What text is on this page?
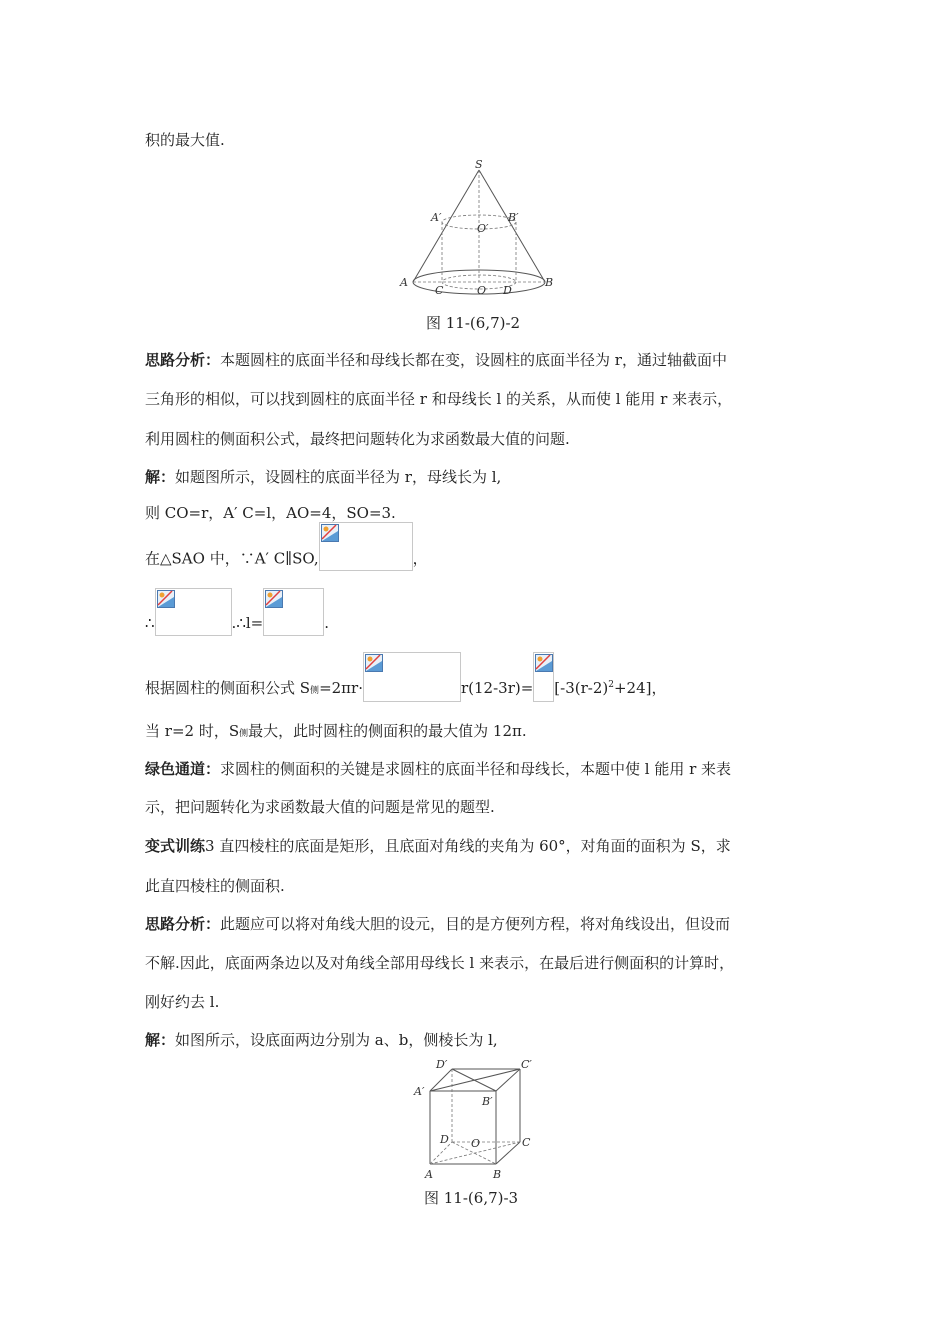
积的最大值.
S
A′	B′
O′
A
C	O D
B
图 11-(6,7)-2
思路分析：本题圆柱的底面半径和母线长都在变，设圆柱的底面半径为 r，通过轴截面中
三角形的相似，可以找到圆柱的底面半径 r 和母线长 l 的关系，从而使 l 能用 r 来表示，
利用圆柱的侧面积公式，最终把问题转化为求函数最大值的问题.
解：如题图所示，设圆柱的底面半径为 r，母线长为 l,
则 CO=r，A′ C=l，AO=4，SO=3.
在△SAO 中，∵A′ C∥SO,	，
∴	.∴l=	.
根据圆柱的侧面积公式 S侧=2πr·	$r(12-3r)= [-3(r-2)^2+24]$，
当 r=2 时，S侧最大，此时圆柱的侧面积的最大值为 12π.
绿色通道：求圆柱的侧面积的关键是求圆柱的底面半径和母线长，本题中使 l 能用 r 来表
示，把问题转化为求函数最大值的问题是常见的题型.
变式训练3 直四棱柱的底面是矩形，且底面对角线的夹角为 60°，对角面的面积为 S，求
此直四棱柱的侧面积.
思路分析：此题应可以将对角线大胆的设元，目的是方便列方程，将对角线设出，但设而
不解.因此，底面两条边以及对角线全部用母线长 l 来表示，在最后进行侧面积的计算时，
刚好约去 l.
解：如图所示，设底面两边分别为 a、b，侧棱长为 l,
D′	C′
A′
B′
D O	C
A	B
图 11-(6,7)-3
